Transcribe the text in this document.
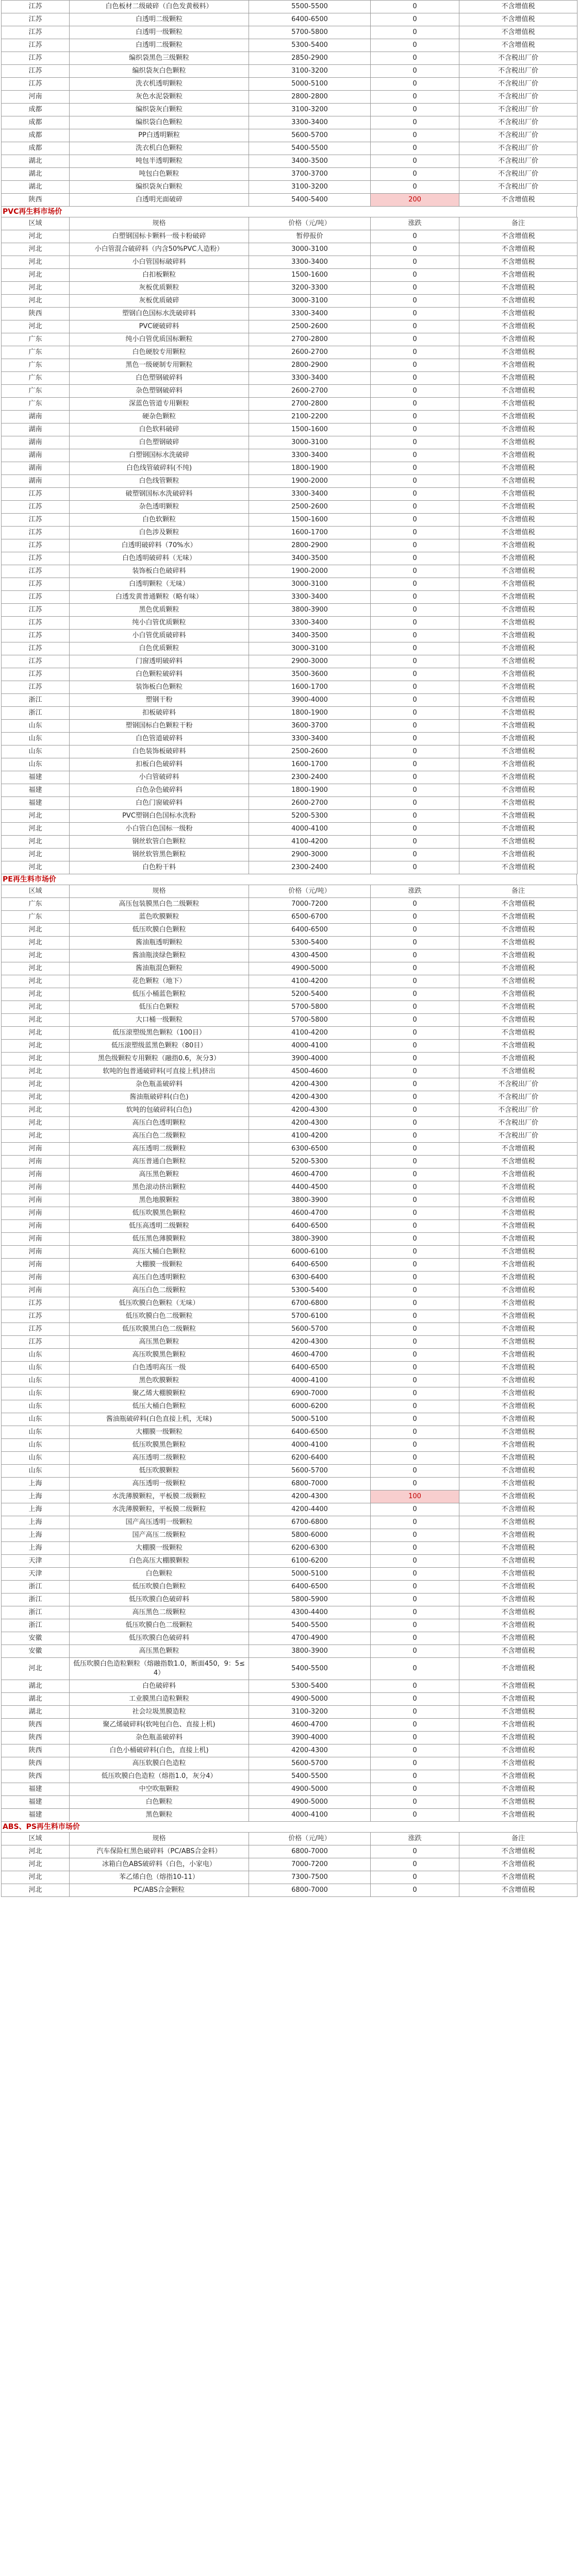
江苏	白色板材二级破碎（白色发黄极料）	5500-5500	0	不含增值税
江苏	白透明二级颗粒	6400-6500	0	不含增值税
江苏	白透明一级颗粒	5700-5800	0	不含增值税
江苏	白透明二级颗粒	5300-5400	0	不含增值税
江苏	编织袋黑色三级颗粒	2850-2900	0	不含税出厂价
江苏	编织袋灰白色颗粒	3100-3200	0	不含税出厂价
江苏	洗衣机透明颗粒	5000-5100	0	不含税出厂价
河南	灰色水泥袋颗粒	2800-2800	0	不含税出厂价
成都	编织袋灰白颗粒	3100-3200	0	不含税出厂价
成都	编织袋白色颗粒	3300-3400	0	不含税出厂价
成都	PP白透明颗粒	5600-5700	0	不含税出厂价
成都	洗衣机白色颗粒	5400-5500	0	不含税出厂价
湖北	吨包半透明颗粒	3400-3500	0	不含税出厂价
湖北	吨包白色颗粒	3700-3700	0	不含税出厂价
湖北	编织袋灰白颗粒	3100-3200	0	不含税出厂价
陕西	白透明光面破碎	5400-5400	200	不含增值税
PVC再生料市场价
区域	规格	价格（元/吨）	涨跌	备注
河北	白塑钢国标卡颗料一级卡粉破碎	暂停报价	0	不含增值税
河北	小白管混合破碎料（内含50%PVC人造粉）	3000-3100	0	不含增值税
河北	小白管国标破碎料	3300-3400	0	不含增值税
河北	白扣板颗粒	1500-1600	0	不含增值税
河北	灰板优质颗粒	3200-3300	0	不含增值税
河北	灰板优质破碎	3000-3100	0	不含增值税
陕西	塑钢白色国标水洗破碎料	3300-3400	0	不含增值税
河北	PVC硬破碎料	2500-2600	0	不含增值税
广东	纯小白管优质国标颗粒	2700-2800	0	不含增值税
广东	白色硬胶专用颗粒	2600-2700	0	不含增值税
广东	黑色一级硬制专用颗粒	2800-2900	0	不含增值税
广东	白色塑钢破碎料	3300-3400	0	不含增值税
广东	杂色塑钢破碎料	2600-2700	0	不含增值税
广东	深蓝色管道专用颗粒	2700-2800	0	不含增值税
湖南	硬杂色颗粒	2100-2200	0	不含增值税
湖南	白色软料破碎	1500-1600	0	不含增值税
湖南	白色塑钢破碎	3000-3100	0	不含增值税
湖南	白塑钢国标水洗破碎	3300-3400	0	不含增值税
湖南	白色线管破碎料(不纯)	1800-1900	0	不含增值税
湖南	白色线管颗粒	1900-2000	0	不含增值税
江苏	破塑钢国标水洗破碎料	3300-3400	0	不含增值税
江苏	杂色透明颗粒	2500-2600	0	不含增值税
江苏	白色软颗粒	1500-1600	0	不含增值税
江苏	白色涉及颗粒	1600-1700	0	不含增值税
江苏	白透明破碎料（70%水）	2800-2900	0	不含增值税
江苏	白色透明破碎料（无味）	3400-3500	0	不含增值税
江苏	装饰板白色破碎料	1900-2000	0	不含增值税
江苏	白透明颗粒（无味）	3000-3100	0	不含增值税
江苏	白透发黄普通颗粒（略有味）	3300-3400	0	不含增值税
江苏	黑色优质颗粒	3800-3900	0	不含增值税
江苏	纯小白管优质颗粒	3300-3400	0	不含增值税
江苏	小白管优质破碎料	3400-3500	0	不含增值税
江苏	白色优质颗粒	3000-3100	0	不含增值税
江苏	门窗透明破碎料	2900-3000	0	不含增值税
江苏	白色颗粒破碎料	3500-3600	0	不含增值税
江苏	装饰板白色颗粒	1600-1700	0	不含增值税
浙江	塑钢干粉	3900-4000	0	不含增值税
浙江	扣板破碎料	1800-1900	0	不含增值税
山东	塑钢国标白色颗粒干粉	3600-3700	0	不含增值税
山东	白色管道破碎料	3300-3400	0	不含增值税
山东	白色装饰板破碎料	2500-2600	0	不含增值税
山东	扣板白色破碎料	1600-1700	0	不含增值税
福建	小白管破碎料	2300-2400	0	不含增值税
福建	白色杂色破碎料	1800-1900	0	不含增值税
福建	白色门窗破碎料	2600-2700	0	不含增值税
河北	PVC塑钢白色国标水洗粉	5200-5300	0	不含增值税
河北	小白管白色国标一级粉	4000-4100	0	不含增值税
河北	钢丝软管白色颗粒	4100-4200	0	不含增值税
河北	钢丝软管黑色颗粒	2900-3000	0	不含增值税
河北	白色粉干料	2300-2400	0	不含增值税
PE再生料市场价
区域	规格	价格（元/吨）	涨跌	备注
广东	高压包装膜黑白色二级颗粒	7000-7200	0	不含增值税
广东	蓝色吹膜颗粒	6500-6700	0	不含增值税
河北	低压吹膜白色颗粒	6400-6500	0	不含增值税
河北	酱油瓶透明颗粒	5300-5400	0	不含增值税
河北	酱油瓶淡绿色颗粒	4300-4500	0	不含增值税
河北	酱油瓶混色颗粒	4900-5000	0	不含增值税
河北	花色颗粒（地下）	4100-4200	0	不含增值税
河北	低压小桶蓝色颗粒	5200-5400	0	不含增值税
河北	低压白色颗粒	5700-5800	0	不含增值税
河北	大口桶一级颗粒	5700-5800	0	不含增值税
河北	低压滚塑级黑色颗粒（100目）	4100-4200	0	不含增值税
河北	低压滚塑级蓝黑色颗粒（80目）	4000-4100	0	不含增值税
河北	黑色级颗粒专用颗粒（融指0.6，灰分3）	3900-4000	0	不含增值税
河北	软吨的包普通破碎料(可直接上机)挤出	4500-4600	0	不含增值税
河北	杂色瓶盖破碎料	4200-4300	0	不含税出厂价
河北	酱油瓶破碎料(白色)	4200-4300	0	不含税出厂价
河北	软吨的包破碎料(白色)	4200-4300	0	不含税出厂价
河北	高压白色透明颗粒	4200-4300	0	不含税出厂价
河北	高压白色二级颗粒	4100-4200	0	不含税出厂价
河南	高压透明二级颗粒	6300-6500	0	不含增值税
河南	高压普通白色颗粒	5200-5300	0	不含增值税
河南	高压黑色颗粒	4600-4700	0	不含增值税
河南	黑色滚动挤出颗粒	4400-4500	0	不含增值税
河南	黑色地膜颗粒	3800-3900	0	不含增值税
河南	低压吹膜黑色颗粒	4600-4700	0	不含增值税
河南	低压高透明二级颗粒	6400-6500	0	不含增值税
河南	低压黑色薄膜颗粒	3800-3900	0	不含增值税
河南	高压大桶白色颗粒	6000-6100	0	不含增值税
河南	大棚膜一级颗粒	6400-6500	0	不含增值税
河南	高压白色透明颗粒	6300-6400	0	不含增值税
河南	高压白色二级颗粒	5300-5400	0	不含增值税
江苏	低压吹膜白色颗粒（无味）	6700-6800	0	不含增值税
江苏	低压吹膜白色二级颗粒	5700-6100	0	不含增值税
江苏	低压吹膜黑白色二级颗粒	5600-5700	0	不含增值税
江苏	高压黑色颗粒	4200-4300	0	不含增值税
山东	高压吹膜黑色颗粒	4600-4700	0	不含增值税
山东	白色透明高压一级	6400-6500	0	不含增值税
山东	黑色吹膜颗粒	4000-4100	0	不含增值税
山东	聚乙烯大棚膜颗粒	6900-7000	0	不含增值税
山东	低压大桶白色颗粒	6000-6200	0	不含增值税
山东	酱油瓶破碎料(白色直接上机，无味)	5000-5100	0	不含增值税
山东	大棚膜一级颗粒	6400-6500	0	不含增值税
山东	低压吹膜黑色颗粒	4000-4100	0	不含增值税
山东	高压透明二级颗粒	6200-6400	0	不含增值税
山东	低压吹膜颗粒	5600-5700	0	不含增值税
上海	高压透明一级颗粒	6800-7000	0	不含增值税
上海	水洗薄膜颗粒，平板膜二级颗粒	4200-4300	100	不含增值税
上海	水洗薄膜颗粒，平板膜二级颗粒	4200-4400	0	不含增值税
上海	国产高压透明一级颗粒	6700-6800	0	不含增值税
上海	国产高压二级颗粒	5800-6000	0	不含增值税
上海	大棚膜一级颗粒	6200-6300	0	不含增值税
天津	白色高压大棚膜颗粒	6100-6200	0	不含增值税
天津	白色颗粒	5000-5100	0	不含增值税
浙江	低压吹膜白色颗粒	6400-6500	0	不含增值税
浙江	低压吹膜白色破碎料	5800-5900	0	不含增值税
浙江	高压黑色二级颗粒	4300-4400	0	不含增值税
浙江	低压吹膜白色二级颗粒	5400-5500	0	不含增值税
安徽	低压吹膜白色破碎料	4700-4900	0	不含增值税
安徽	高压黑色颗粒	3800-3900	0	不含增值税
河北	低压吹膜白色造粒颗粒（熔融指数1.0，断面450，9：5≤4）	5400-5500	0	不含增值税
湖北	白色破碎料	5300-5400	0	不含增值税
湖北	工业膜黑白造粒颗粒	4900-5000	0	不含增值税
湖北	社会垃圾黑膜造粒	3100-3200	0	不含增值税
陕西	聚乙烯破碎料(软吨包白色、直接上机)	4600-4700	0	不含增值税
陕西	杂色瓶盖破碎料	3900-4000	0	不含增值税
陕西	白色小桶破碎料(白色，直接上机)	4200-4300	0	不含增值税
陕西	高压软膜白色造粒	5600-5700	0	不含增值税
陕西	低压吹膜白色造粒（熔指1.0，灰分4）	5400-5500	0	不含增值税
福建	中空吹瓶颗粒	4900-5000	0	不含增值税
福建	白色颗粒	4900-5000	0	不含增值税
福建	黑色颗粒	4000-4100	0	不含增值税
ABS、PS再生料市场价
区域	规格	价格（元/吨）	涨跌	备注
河北	汽车保险杠黑色破碎料（PC/ABS合金料）	6800-7000	0	不含增值税
河北	冰箱白色ABS破碎料（白色，小家电）	7000-7200	0	不含增值税
河北	苯乙烯白色（熔指10-11）	7300-7500	0	不含增值税
河北	PC/ABS合金颗粒	6800-7000	0	不含增值税
